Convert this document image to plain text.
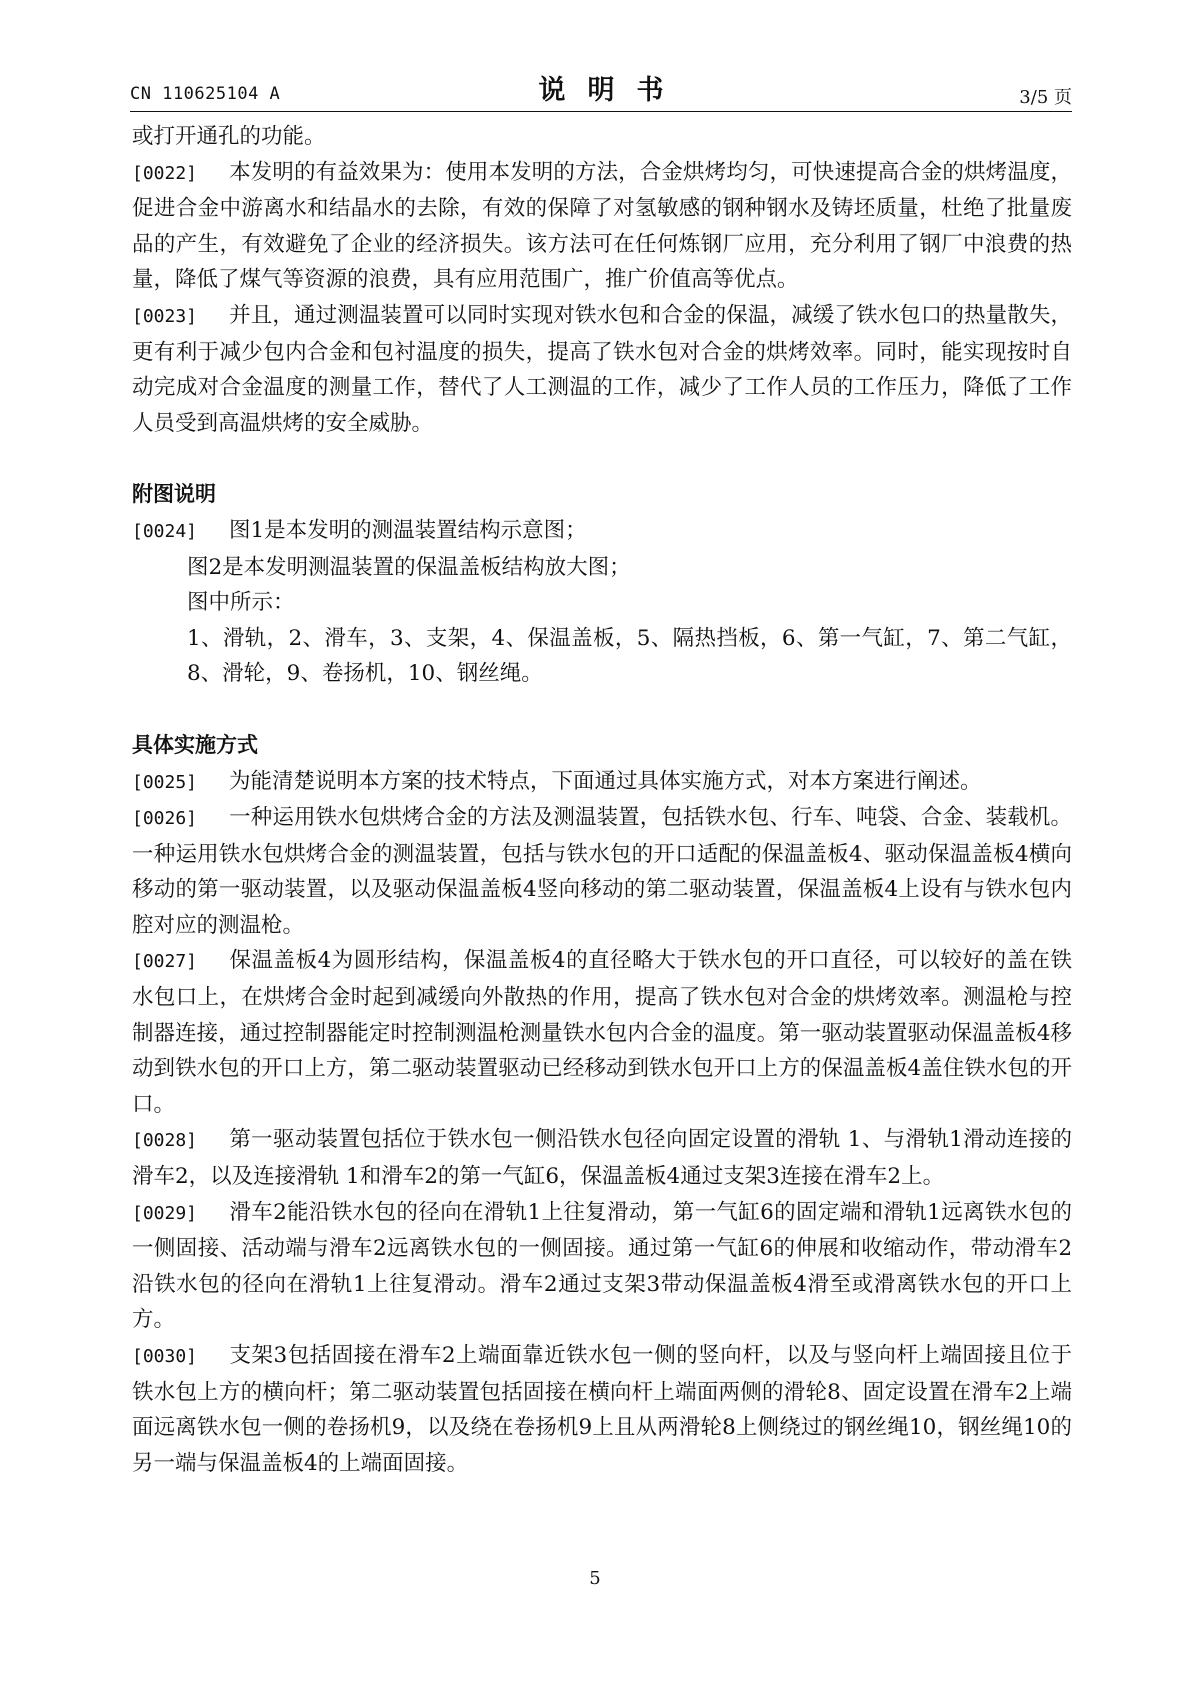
CN 110625104 A	说明书	3/5 页

或打开通孔的功能。

[0022] 本发明的有益效果为：使用本发明的方法，合金烘烤均匀，可快速提高合金的烘烤温度，促进合金中游离水和结晶水的去除，有效的保障了对氢敏感的钢种钢水及铸坯质量，杜绝了批量废品的产生，有效避免了企业的经济损失。该方法可在任何炼钢厂应用，充分利用了钢厂中浪费的热量，降低了煤气等资源的浪费，具有应用范围广，推广价值高等优点。

[0023] 并且，通过测温装置可以同时实现对铁水包和合金的保温，减缓了铁水包口的热量散失，更有利于减少包内合金和包衬温度的损失，提高了铁水包对合金的烘烤效率。同时，能实现按时自动完成对合金温度的测量工作，替代了人工测温的工作，减少了工作人员的工作压力，降低了工作人员受到高温烘烤的安全威胁。

附图说明

[0024] 图1是本发明的测温装置结构示意图；

图2是本发明测温装置的保温盖板结构放大图；

图中所示：

1、滑轨，2、滑车，3、支架，4、保温盖板，5、隔热挡板，6、第一气缸，7、第二气缸，8、滑轮，9、卷扬机，10、钢丝绳。

具体实施方式

[0025] 为能清楚说明本方案的技术特点，下面通过具体实施方式，对本方案进行阐述。

[0026] 一种运用铁水包烘烤合金的方法及测温装置，包括铁水包、行车、吨袋、合金、装载机。一种运用铁水包烘烤合金的测温装置，包括与铁水包的开口适配的保温盖板4、驱动保温盖板4横向移动的第一驱动装置，以及驱动保温盖板4竖向移动的第二驱动装置，保温盖板4上设有与铁水包内腔对应的测温枪。

[0027] 保温盖板4为圆形结构，保温盖板4的直径略大于铁水包的开口直径，可以较好的盖在铁水包口上，在烘烤合金时起到减缓向外散热的作用，提高了铁水包对合金的烘烤效率。测温枪与控制器连接，通过控制器能定时控制测温枪测量铁水包内合金的温度。第一驱动装置驱动保温盖板4移动到铁水包的开口上方，第二驱动装置驱动已经移动到铁水包开口上方的保温盖板4盖住铁水包的开口。

[0028] 第一驱动装置包括位于铁水包一侧沿铁水包径向固定设置的滑轨 1、与滑轨1滑动连接的滑车2，以及连接滑轨 1和滑车2的第一气缸6，保温盖板4通过支架3连接在滑车2上。

[0029] 滑车2能沿铁水包的径向在滑轨1上往复滑动，第一气缸6的固定端和滑轨1远离铁水包的一侧固接、活动端与滑车2远离铁水包的一侧固接。通过第一气缸6的伸展和收缩动作，带动滑车2沿铁水包的径向在滑轨1上往复滑动。滑车2通过支架3带动保温盖板4滑至或滑离铁水包的开口上方。

[0030] 支架3包括固接在滑车2上端面靠近铁水包一侧的竖向杆，以及与竖向杆上端固接且位于铁水包上方的横向杆；第二驱动装置包括固接在横向杆上端面两侧的滑轮8、固定设置在滑车2上端面远离铁水包一侧的卷扬机9，以及绕在卷扬机9上且从两滑轮8上侧绕过的钢丝绳10，钢丝绳10的另一端与保温盖板4的上端面固接。

5
